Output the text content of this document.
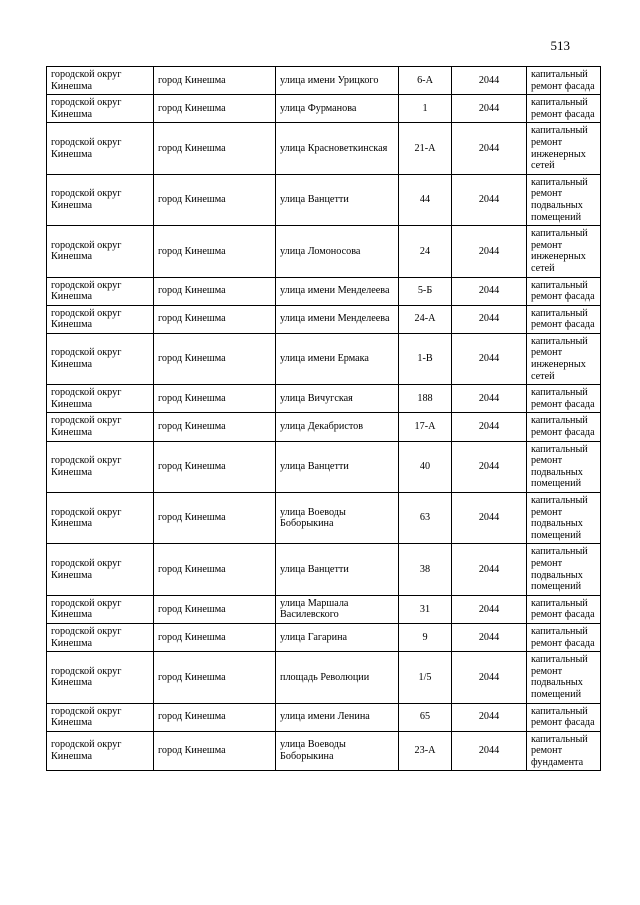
513
городской округ Кинешма	город Кинешма	улица имени Урицкого	6-А	2044	капитальный ремонт фасада
городской округ Кинешма	город Кинешма	улица Фурманова	1	2044	капитальный ремонт фасада
городской округ Кинешма	город Кинешма	улица Красноветкинская	21-А	2044	капитальный ремонт инженерных сетей
городской округ Кинешма	город Кинешма	улица Ванцетти	44	2044	капитальный ремонт подвальных помещений
городской округ Кинешма	город Кинешма	улица Ломоносова	24	2044	капитальный ремонт инженерных сетей
городской округ Кинешма	город Кинешма	улица имени Менделеева	5-Б	2044	капитальный ремонт фасада
городской округ Кинешма	город Кинешма	улица имени Менделеева	24-А	2044	капитальный ремонт фасада
городской округ Кинешма	город Кинешма	улица имени Ермака	1-В	2044	капитальный ремонт инженерных сетей
городской округ Кинешма	город Кинешма	улица Вичугская	188	2044	капитальный ремонт фасада
городской округ Кинешма	город Кинешма	улица Декабристов	17-А	2044	капитальный ремонт фасада
городской округ Кинешма	город Кинешма	улица Ванцетти	40	2044	капитальный ремонт подвальных помещений
городской округ Кинешма	город Кинешма	улица Воеводы Боборыкина	63	2044	капитальный ремонт подвальных помещений
городской округ Кинешма	город Кинешма	улица Ванцетти	38	2044	капитальный ремонт подвальных помещений
городской округ Кинешма	город Кинешма	улица Маршала Василевского	31	2044	капитальный ремонт фасада
городской округ Кинешма	город Кинешма	улица Гагарина	9	2044	капитальный ремонт фасада
городской округ Кинешма	город Кинешма	площадь Революции	1/5	2044	капитальный ремонт подвальных помещений
городской округ Кинешма	город Кинешма	улица имени Ленина	65	2044	капитальный ремонт фасада
городской округ Кинешма	город Кинешма	улица Воеводы Боборыкина	23-А	2044	капитальный ремонт фундамента
